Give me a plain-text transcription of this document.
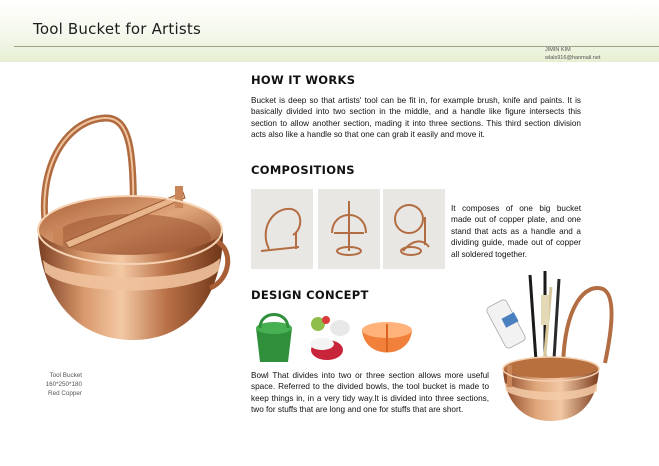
Tool Bucket for Artists
JIMIN KIM
wlals916@hanmail.net
Tool Bucket
160*250*180
Red Copper
HOW IT WORKS

Bucket is deep so that artists' tool can be fit in, for example brush, knife and paints. It is basically divided into two section in the middle, and a handle like figure intersects this section to allow another section, mading it into three sections. This third section division acts also like a handle so that one can grab it easily and move it.

COMPOSITIONS

It composes of one big bucket made out of copper plate, and one stand that acts as a handle and a dividing guide, made out of copper all soldered together.

DESIGN CONCEPT

Bowl That divides into two or three section allows more useful space. Referred to the divided bowls, the tool bucket is made to keep things in, in a very tidy way.It is divided into three sections, two for stuffs that are long and one for stuffs that are short.
